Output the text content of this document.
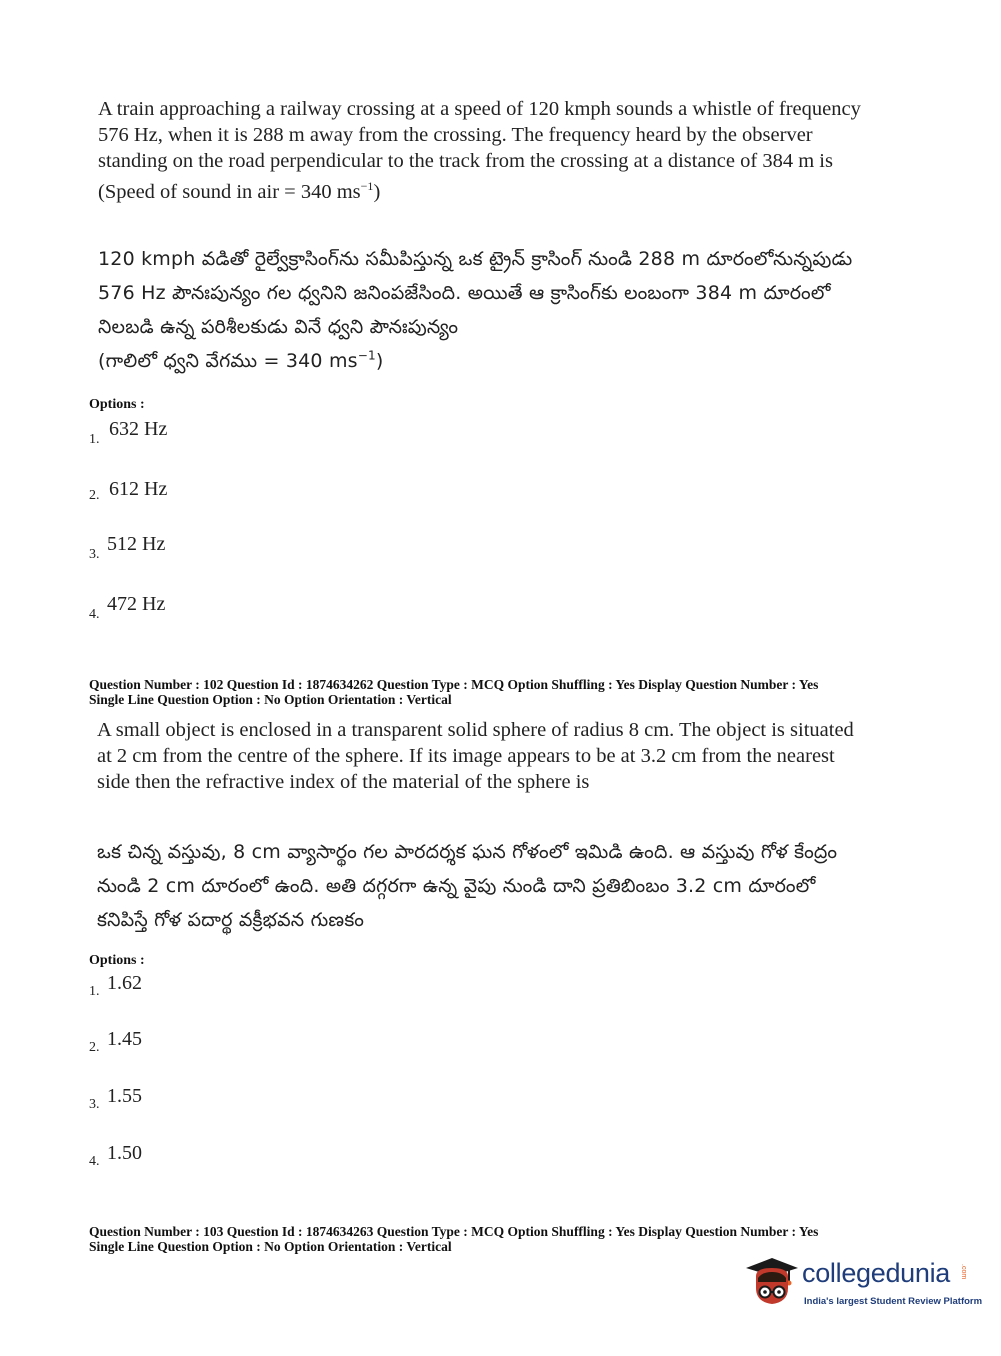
A train approaching a railway crossing at a speed of 120 kmph sounds a whistle of frequency
576 Hz, when it is 288 m away from the crossing. The frequency heard by the observer
standing on the road perpendicular to the track from the crossing at a distance of 384 m is
(Speed of sound in air = 340 $ms^{-1}$)
120 kmph వడితో రైల్వేక్రాసింగ్‌ను సమీపిస్తున్న ఒక ట్రైన్ క్రాసింగ్ నుండి 288 m దూరంలోనున్నపుడు
576 Hz పౌనఃపున్యం గల ధ్వనిని జనింపజేసింది. అయితే ఆ క్రాసింగ్‌కు లంబంగా 384 m దూరంలో
నిలబడి ఉన్న పరిశీలకుడు వినే ధ్వని పౌనఃపున్యం
(గాలిలో ధ్వని వేగము = 340 $ms^{-1}$)
Options :
1. 632 Hz
2. 612 Hz
3. 512 Hz
4. 472 Hz
Question Number : 102 Question Id : 1874634262 Question Type : MCQ Option Shuffling : Yes Display Question Number : Yes
Single Line Question Option : No Option Orientation : Vertical
A small object is enclosed in a transparent solid sphere of radius 8 cm. The object is situated
at 2 cm from the centre of the sphere. If its image appears to be at 3.2 cm from the nearest
side then the refractive index of the material of the sphere is
ఒక చిన్న వస్తువు, 8 cm వ్యాసార్థం గల పారదర్శక ఘన గోళంలో ఇమిడి ఉంది. ఆ వస్తువు గోళ కేంద్రం
నుండి 2 cm దూరంలో ఉంది. అతి దగ్గరగా ఉన్న వైపు నుండి దాని ప్రతిబింబం 3.2 cm దూరంలో
కనిపిస్తే గోళ పదార్థ వక్రీభవన గుణకం
Options :
1. 1.62
2. 1.45
3. 1.55
4. 1.50
Question Number : 103 Question Id : 1874634263 Question Type : MCQ Option Shuffling : Yes Display Question Number : Yes
Single Line Question Option : No Option Orientation : Vertical
collegedunia .com
India's largest Student Review Platform
